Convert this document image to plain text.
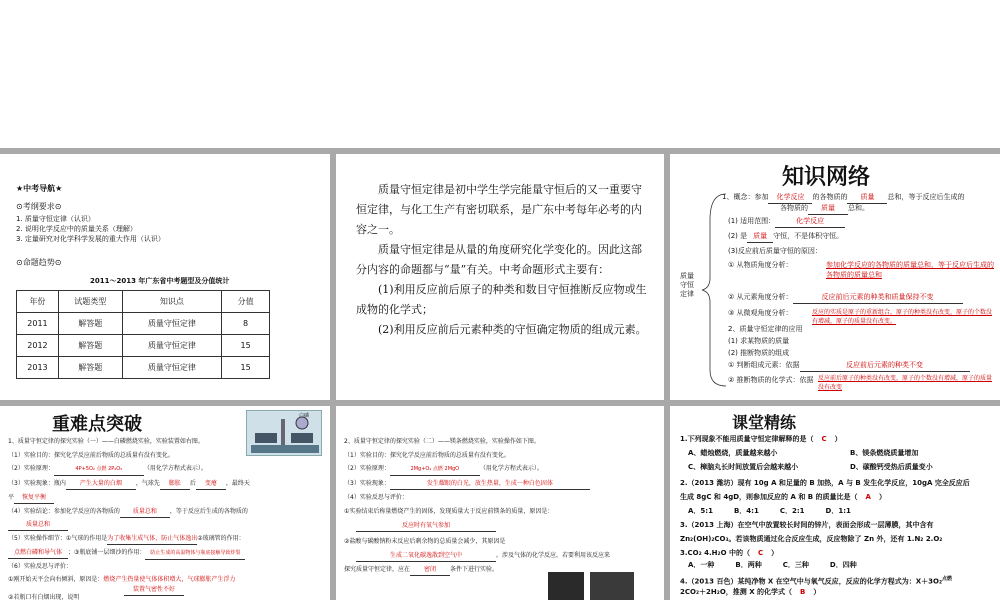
★中考导航★
⊙考纲要求⊙
1. 质量守恒定律（认识）
2. 说明化学反应中的质量关系（理解）
3. 定量研究对化学科学发展的重大作用（认识）
⊙命题趋势⊙
2011～2013 年广东省中考题型及分值统计
年份	试题类型	知识点	分值
2011	解答题	质量守恒定律	8
2012	解答题	质量守恒定律	15
2013	解答题	质量守恒定律	15
质量守恒定律是初中学生学完能量守恒后的又一重要守恒定律，与化工生产有密切联系，是广东中考每年必考的内容之一。
质量守恒定律是从量的角度研究化学变化的。因此这部分内容的命题都与“量”有关。中考命题形式主要有：
(1)利用反应前后原子的种类和数目守恒推断反应物或生成物的化学式；
(2)利用反应前后元素种类的守恒确定物质的组成元素。
知识网络
质量守恒定律
1、概念：参加 化学反应 的各物质的 质量 总和，等于反应后生成的
各物质的 质量 总和。
(1) 适用范围：	化学反应
(2) 是 质量 守恒，不是体积守恒。
(3)反应前后质量守恒的原因：
① 从物质角度分析：	参加化学反应的各物质的质量总和，等于反应后生成的各物质的质量总和
② 从元素角度分析：	反应前后元素的种类和质量保持不变
③ 从微观角度分析：	反应的实质是原子的重新组合，原子的种类没有改变，原子的个数没有增减，原子的质量没有改变。
2、质量守恒定律的应用
(1) 求某物质的质量
(2) 推断物质的组成
① 判断组成元素：依据	反应前后元素的种类不变
② 推断物质的化学式：依据 反应前后原子的种类没有改变，原子的个数没有增减，原子的质量没有改变
重难点突破	白磷
1、质量守恒定律的探究实验（一）——白磷燃烧实验，实验装置如右图。
（1）实验目的：探究化学反应前后物质的总质量有没有变化。
（2）实验原理：	4P+5O₂ 点燃 2P₂O₅	（用化学方程式表示）。
（3）实验现象：瓶内 产生大量的白烟 ，气球先 膨胀 后 变瘪 ，最终天
平 恢复平衡
（4）实验结论：参加化学反应的各物质的 质量总和 ，等于反应后生成的各物质的
质量总和
（5）实验操作细节：①气球的作用是为了收集生成气体，防止气体逸出②玻璃管的作用：
点燃白磷和导气体 ；③瓶底铺一层细沙的作用： 防止生成的高温物体与瓶底接触导致炸裂
（6）实验反思与评价：
①刚开始天平会向右倾斜，原因是：燃烧产生热量使气体体积增大，气球膨胀产生浮力
装置气密性不好
②若瓶口有白烟出现，说明
2、质量守恒定律的探究实验（二）——镁条燃烧实验，实验操作如下图。
（1）实验目的：探究化学反应前后物质的总质量有没有变化。
（2）实验原理：	2Mg+O₂ 点燃 2MgO	（用化学方程式表示）。
（3）实验现象：	发生耀眼的白光，放生热量，生成一种白色固体
（4）实验反思与评价：
①实验结束后称量燃烧产生的固体，发现质量大于反应前镁条的质量，原因是：
反应时有氧气参加
②盐酸与碳酸钠粉末反应后剩余物的总质量会减少，其原因是
生成二氧化碳逸散到空气中	。涉及气体的化学反应，若要利用该反应来
探究质量守恒定律，应在 密闭 条件下进行实验。
课堂精练
1.下列现象不能用质量守恒定律解释的是（ C ）
A、蜡烛燃烧，质量越来越小	B、镁条燃烧质量增加
C、樟脑丸长时间放置后会越来越小	D、碳酸钙受热后质量变小
2.（2013 潍坊）现有 10g A 和足量的 B 加热，A 与 B 发生化学反应，10gA 完全反应后
生成 8gC 和 4gD，则参加反应的 A 和 B 的质量比是（ A ）
A．5:1　　　B．4:1　　　C．2:1　　　D．1:1
3.（2013 上海）在空气中放置较长时间的锌片，表面会形成一层薄膜，其中含有
Zn₂(OH)₂CO₃。若该物质通过化合反应生成，反应物除了 Zn 外，还有 1.N₂ 2.O₂
3.CO₂ 4.H₂O 中的（ C ）
A．一种　　　B．两种　　　C．三种　　　D．四种
4.（2013 百色）某纯净物 X 在空气中与氧气反应，反应的化学方程式为：X＋3O₂$^{点燃}$
2CO₂＋2H₂O，推测 X 的化学式（ B ）
